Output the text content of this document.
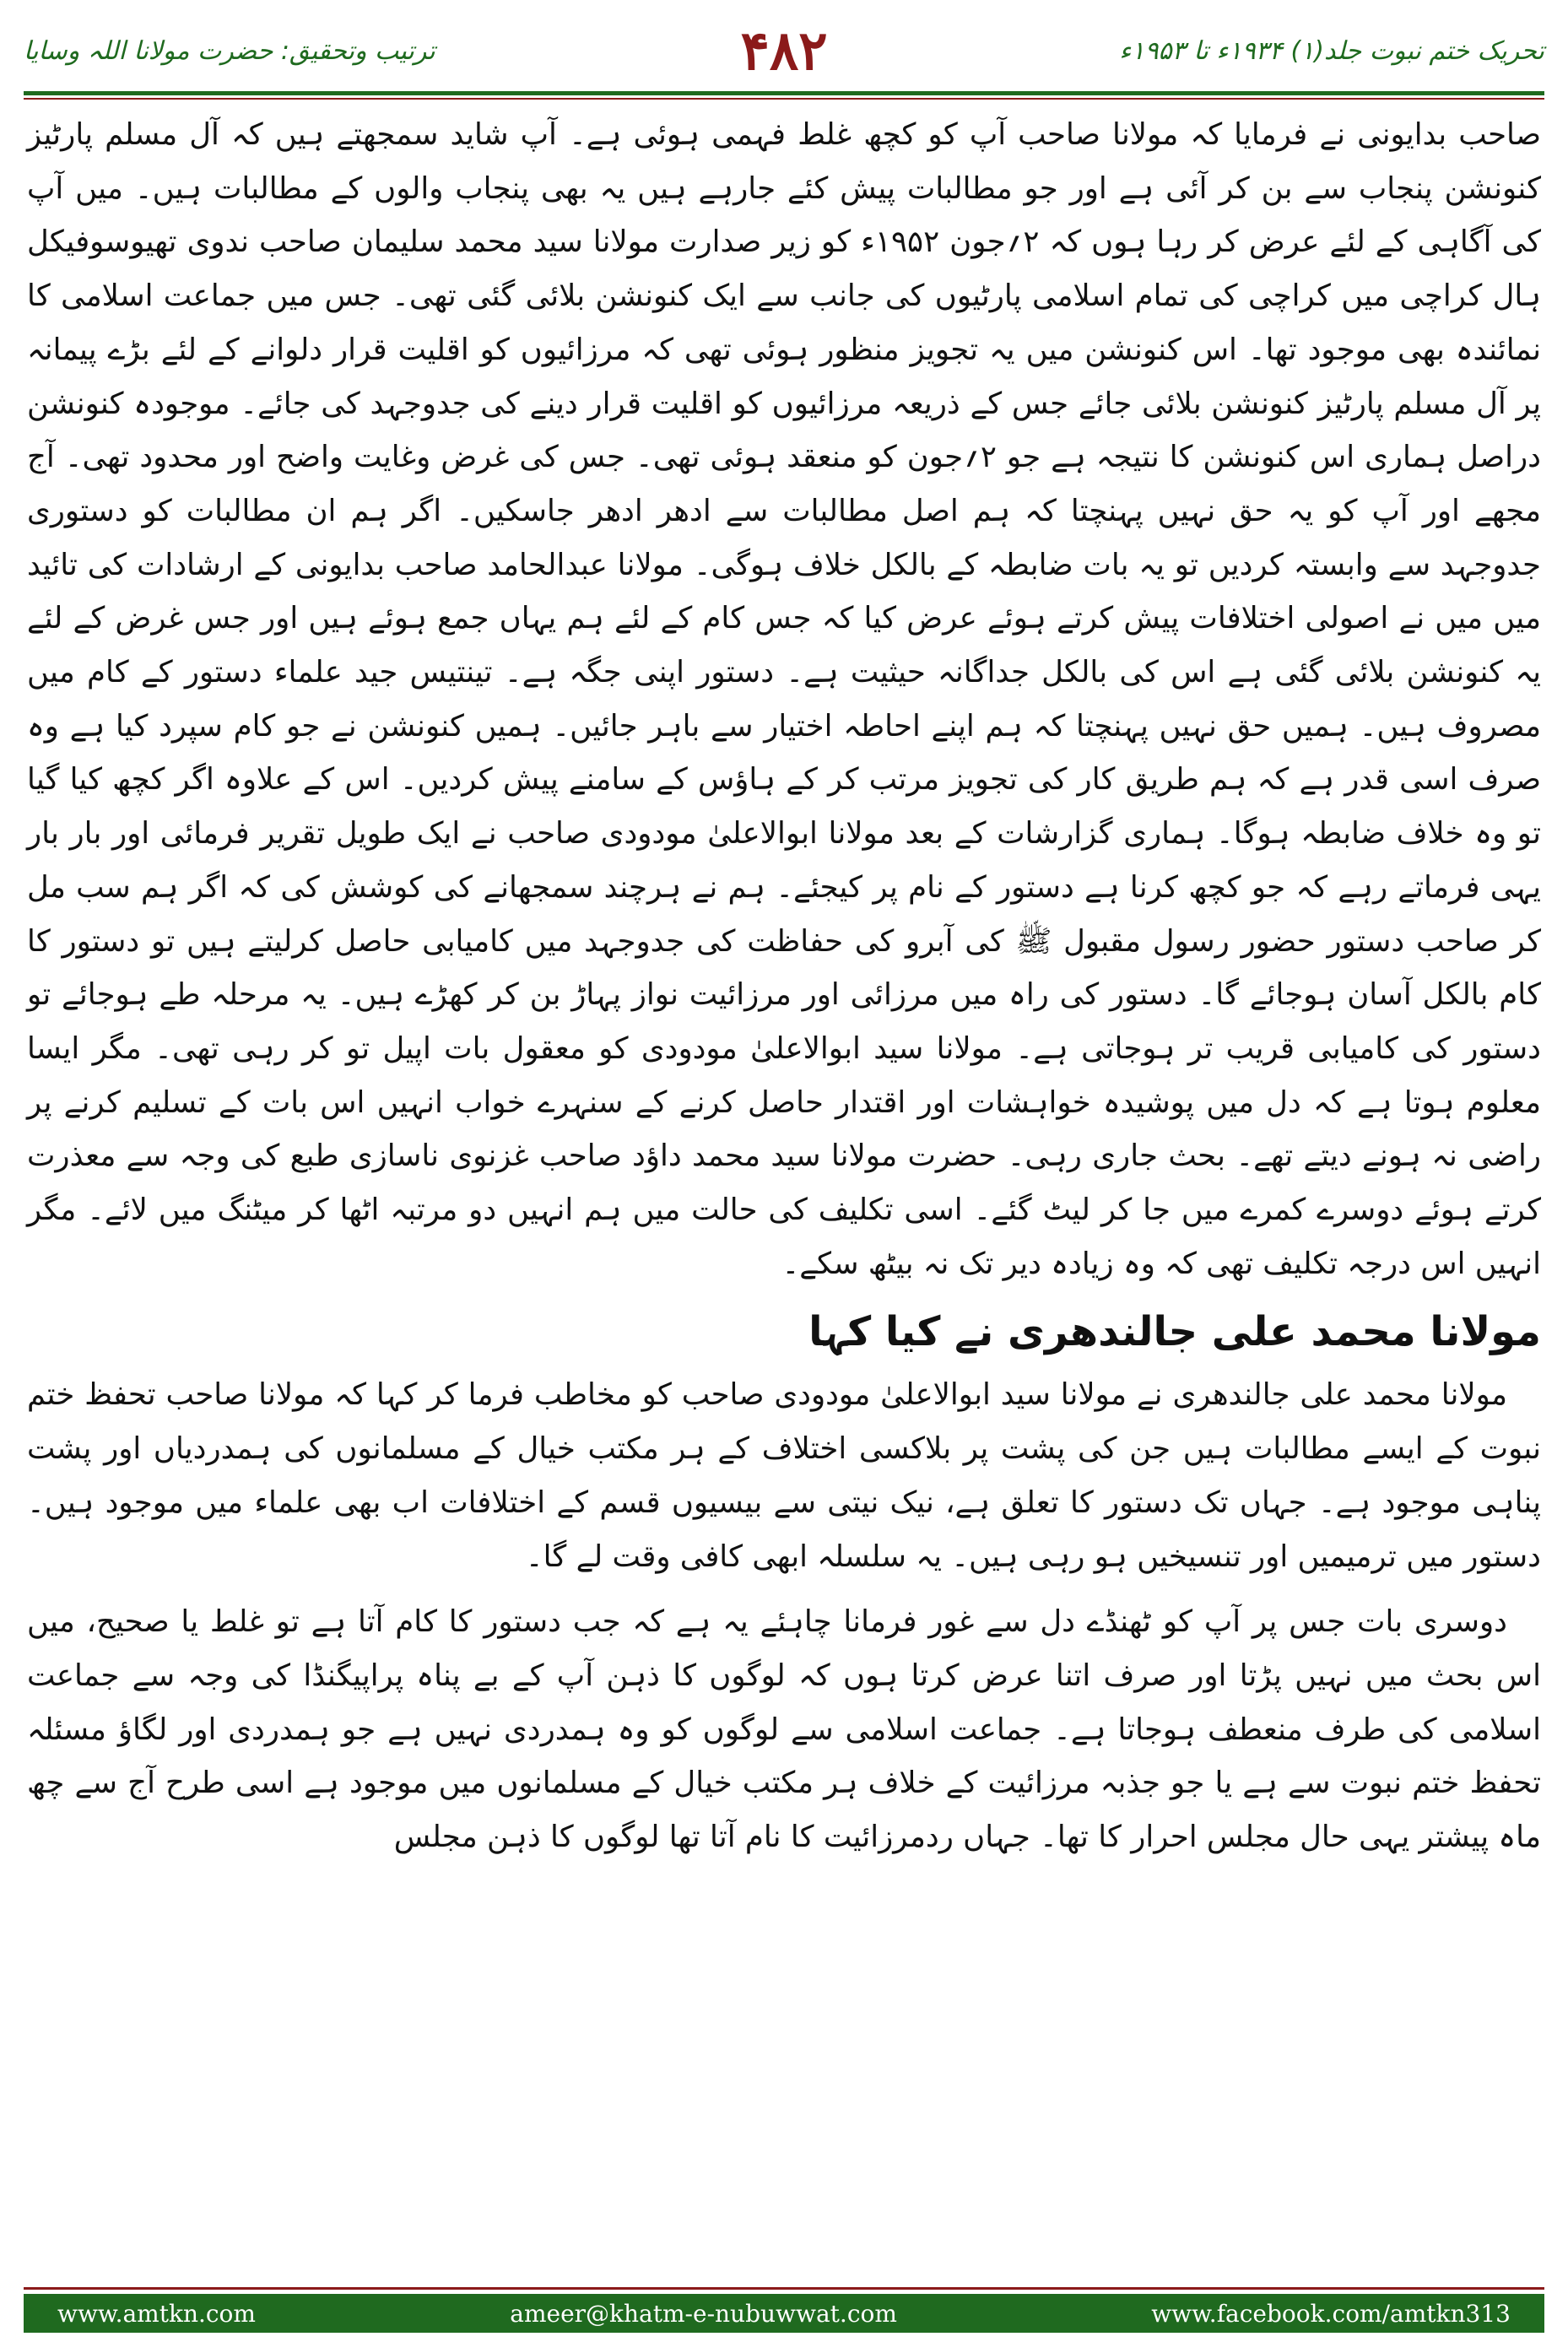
ترتیب وتحقیق: حضرت مولانا اللہ وسایا	۴۸۲	تحریک ختم نبوت جلد(۱) ۱۹۳۴ء تا ۱۹۵۳ء

صاحب بدایونی نے فرمایا کہ مولانا صاحب آپ کو کچھ غلط فہمی ہوئی ہے۔ آپ شاید سمجھتے ہیں کہ آل مسلم پارٹیز کنونشن پنجاب سے بن کر آئی ہے اور جو مطالبات پیش کئے جارہے ہیں یہ بھی پنجاب والوں کے مطالبات ہیں۔ میں آپ کی آگاہی کے لئے عرض کر رہا ہوں کہ ۲؍جون ۱۹۵۲ء کو زیر صدارت مولانا سید محمد سلیمان صاحب ندوی تھیوسوفیکل ہال کراچی میں کراچی کی تمام اسلامی پارٹیوں کی جانب سے ایک کنونشن بلائی گئی تھی۔ جس میں جماعت اسلامی کا نمائندہ بھی موجود تھا۔ اس کنونشن میں یہ تجویز منظور ہوئی تھی کہ مرزائیوں کو اقلیت قرار دلوانے کے لئے بڑے پیمانہ پر آل مسلم پارٹیز کنونشن بلائی جائے جس کے ذریعہ مرزائیوں کو اقلیت قرار دینے کی جدوجہد کی جائے۔ موجودہ کنونشن دراصل ہماری اس کنونشن کا نتیجہ ہے جو ۲؍جون کو منعقد ہوئی تھی۔ جس کی غرض وغایت واضح اور محدود تھی۔ آج مجھے اور آپ کو یہ حق نہیں پہنچتا کہ ہم اصل مطالبات سے ادھر ادھر جاسکیں۔ اگر ہم ان مطالبات کو دستوری جدوجہد سے وابستہ کردیں تو یہ بات ضابطہ کے بالکل خلاف ہوگی۔ مولانا عبدالحامد صاحب بدایونی کے ارشادات کی تائید میں میں نے اصولی اختلافات پیش کرتے ہوئے عرض کیا کہ جس کام کے لئے ہم یہاں جمع ہوئے ہیں اور جس غرض کے لئے یہ کنونشن بلائی گئی ہے اس کی بالکل جداگانہ حیثیت ہے۔ دستور اپنی جگہ ہے۔ تینتیس جید علماء دستور کے کام میں مصروف ہیں۔ ہمیں حق نہیں پہنچتا کہ ہم اپنے احاطہ اختیار سے باہر جائیں۔ ہمیں کنونشن نے جو کام سپرد کیا ہے وہ صرف اسی قدر ہے کہ ہم طریق کار کی تجویز مرتب کر کے ہاؤس کے سامنے پیش کردیں۔ اس کے علاوہ اگر کچھ کیا گیا تو وہ خلاف ضابطہ ہوگا۔ ہماری گزارشات کے بعد مولانا ابوالاعلیٰ مودودی صاحب نے ایک طویل تقریر فرمائی اور بار بار یہی فرماتے رہے کہ جو کچھ کرنا ہے دستور کے نام پر کیجئے۔ ہم نے ہرچند سمجھانے کی کوشش کی کہ اگر ہم سب مل کر صاحب دستور حضور رسول مقبول ﷺ کی آبرو کی حفاظت کی جدوجہد میں کامیابی حاصل کرلیتے ہیں تو دستور کا کام بالکل آسان ہوجائے گا۔ دستور کی راہ میں مرزائی اور مرزائیت نواز پہاڑ بن کر کھڑے ہیں۔ یہ مرحلہ طے ہوجائے تو دستور کی کامیابی قریب تر ہوجاتی ہے۔ مولانا سید ابوالاعلیٰ مودودی کو معقول بات اپیل تو کر رہی تھی۔ مگر ایسا معلوم ہوتا ہے کہ دل میں پوشیدہ خواہشات اور اقتدار حاصل کرنے کے سنہرے خواب انہیں اس بات کے تسلیم کرنے پر راضی نہ ہونے دیتے تھے۔ بحث جاری رہی۔ حضرت مولانا سید محمد داؤد صاحب غزنوی ناسازی طبع کی وجہ سے معذرت کرتے ہوئے دوسرے کمرے میں جا کر لیٹ گئے۔ اسی تکلیف کی حالت میں ہم انہیں دو مرتبہ اٹھا کر میٹنگ میں لائے۔ مگر انہیں اس درجہ تکلیف تھی کہ وہ زیادہ دیر تک نہ بیٹھ سکے۔

مولانا محمد علی جالندھری نے کیا کہا

مولانا محمد علی جالندھری نے مولانا سید ابوالاعلیٰ مودودی صاحب کو مخاطب فرما کر کہا کہ مولانا صاحب تحفظ ختم نبوت کے ایسے مطالبات ہیں جن کی پشت پر بلاکسی اختلاف کے ہر مکتب خیال کے مسلمانوں کی ہمدردیاں اور پشت پناہی موجود ہے۔ جہاں تک دستور کا تعلق ہے، نیک نیتی سے بیسیوں قسم کے اختلافات اب بھی علماء میں موجود ہیں۔ دستور میں ترمیمیں اور تنسیخیں ہو رہی ہیں۔ یہ سلسلہ ابھی کافی وقت لے گا۔

دوسری بات جس پر آپ کو ٹھنڈے دل سے غور فرمانا چاہئے یہ ہے کہ جب دستور کا کام آتا ہے تو غلط یا صحیح، میں اس بحث میں نہیں پڑتا اور صرف اتنا عرض کرتا ہوں کہ لوگوں کا ذہن آپ کے بے پناہ پراپیگنڈا کی وجہ سے جماعت اسلامی کی طرف منعطف ہوجاتا ہے۔ جماعت اسلامی سے لوگوں کو وہ ہمدردی نہیں ہے جو ہمدردی اور لگاؤ مسئلہ تحفظ ختم نبوت سے ہے یا جو جذبہ مرزائیت کے خلاف ہر مکتب خیال کے مسلمانوں میں موجود ہے اسی طرح آج سے چھ ماہ پیشتر یہی حال مجلس احرار کا تھا۔ جہاں ردمرزائیت کا نام آتا تھا لوگوں کا ذہن مجلس

www.amtkn.com	ameer@khatm-e-nubuwwat.com	www.facebook.com/amtkn313
